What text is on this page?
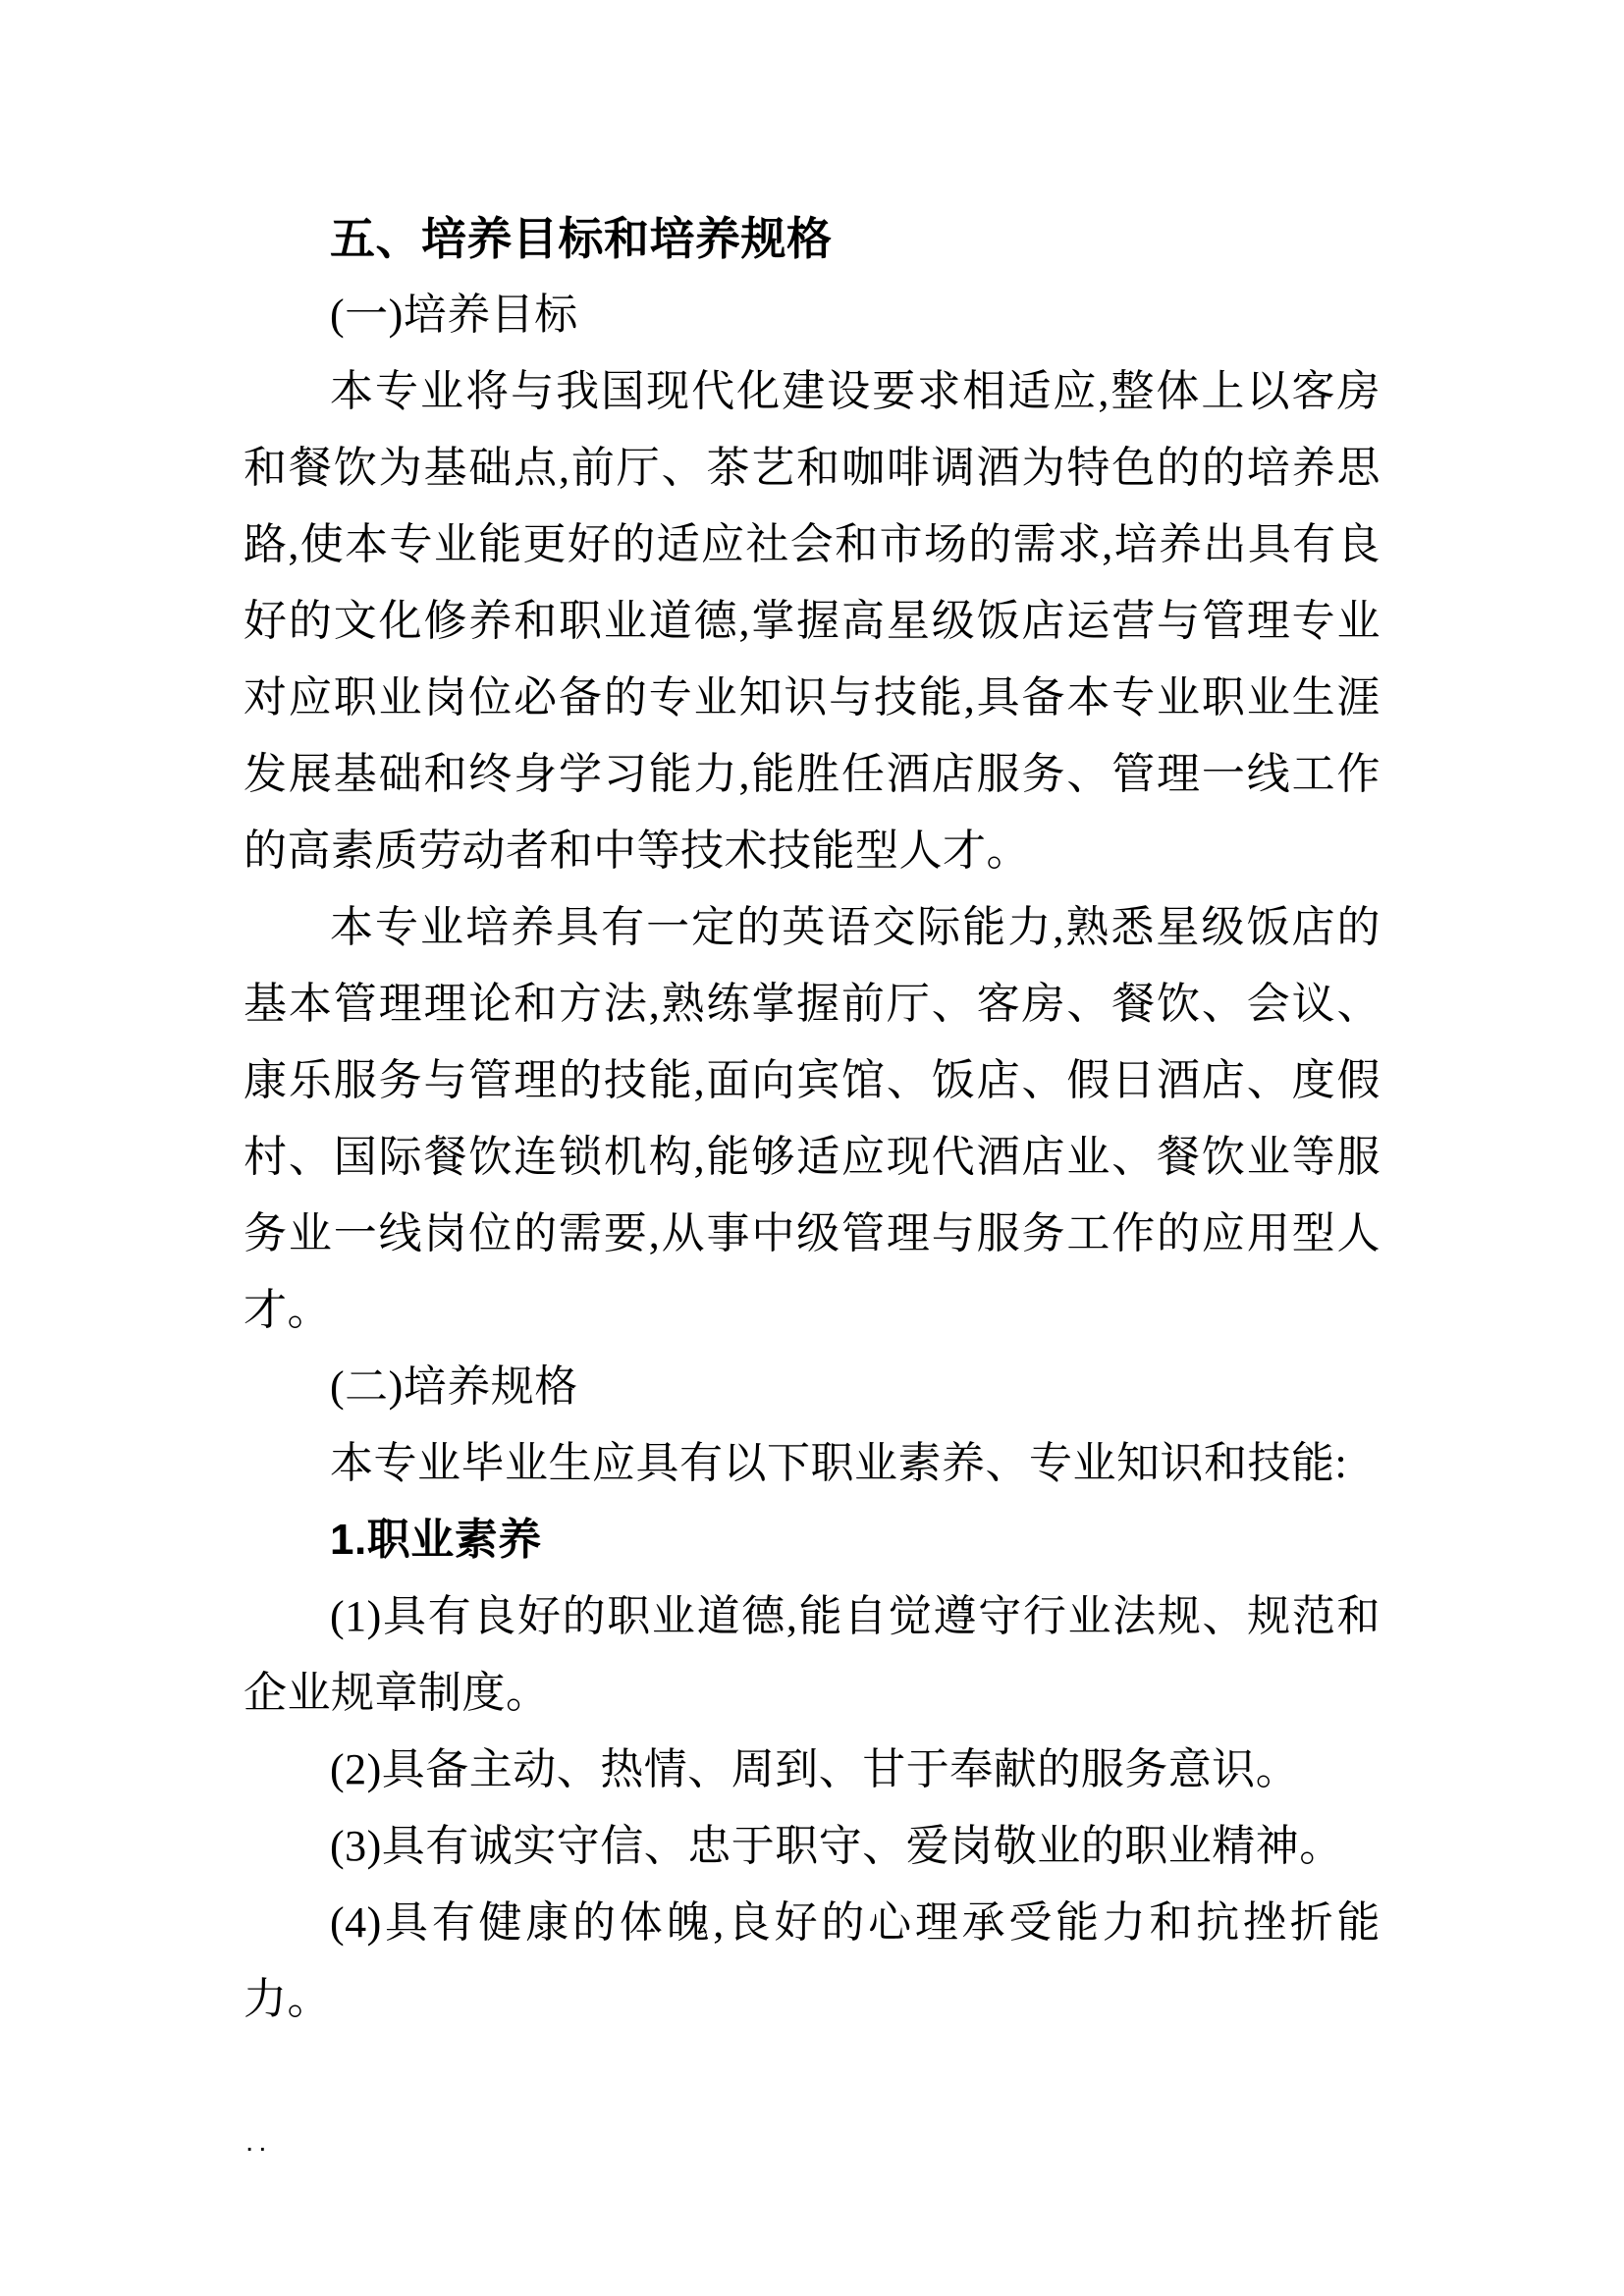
五、培养目标和培养规格
(一)培养目标
本专业将与我国现代化建设要求相适应,整体上以客房和餐饮为基础点,前厅、茶艺和咖啡调酒为特色的的培养思路,使本专业能更好的适应社会和市场的需求,培养出具有良好的文化修养和职业道德,掌握高星级饭店运营与管理专业对应职业岗位必备的专业知识与技能,具备本专业职业生涯发展基础和终身学习能力,能胜任酒店服务、管理一线工作的高素质劳动者和中等技术技能型人才。
本专业培养具有一定的英语交际能力,熟悉星级饭店的基本管理理论和方法,熟练掌握前厅、客房、餐饮、会议、康乐服务与管理的技能,面向宾馆、饭店、假日酒店、度假村、国际餐饮连锁机构,能够适应现代酒店业、餐饮业等服务业一线岗位的需要,从事中级管理与服务工作的应用型人才。
(二)培养规格
本专业毕业生应具有以下职业素养、专业知识和技能:
1.职业素养
(1)具有良好的职业道德,能自觉遵守行业法规、规范和企业规章制度。
(2)具备主动、热情、周到、甘于奉献的服务意识。
(3)具有诚实守信、忠于职守、爱岗敬业的职业精神。
(4)具有健康的体魄,良好的心理承受能力和抗挫折能力。
..
